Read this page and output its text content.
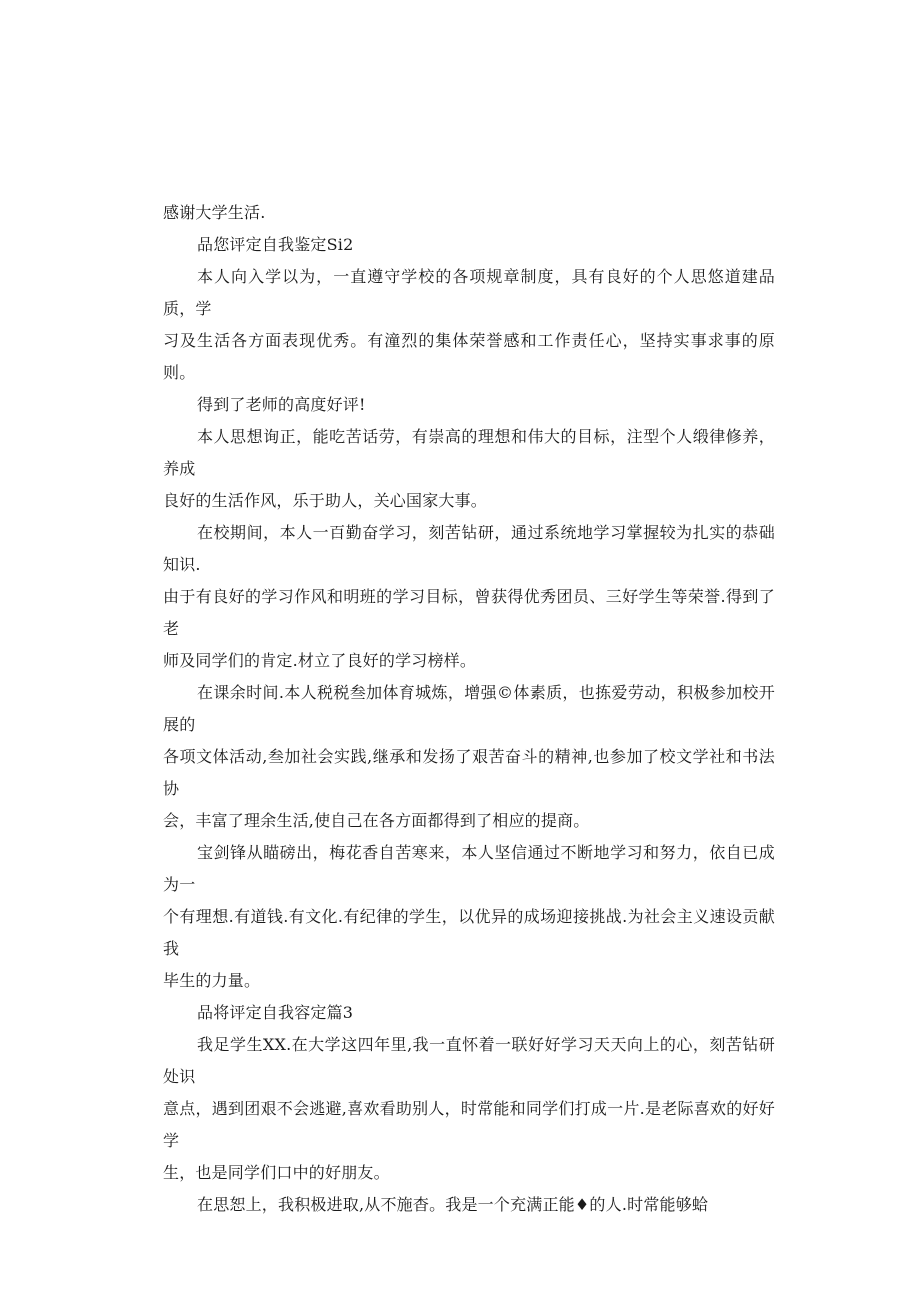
感谢大学生活.
品您评定自我鉴定Si2
本人向入学以为，一直遵守学校的各项规章制度，具有良好的个人思悠道建品质，学
习及生活各方面表现优秀。有潼烈的集体荣誉感和工作责任心，坚持实事求事的原则。
得到了老师的高度好评!
本人思想询正，能吃苦话劳，有崇高的理想和伟大的目标，注型个人缎律修养，养成
良好的生活作风，乐于助人，关心国家大事。
在校期间，本人一百勤奋学习，刻苦钻研，通过系统地学习掌握较为扎实的恭础知识.
由于有良好的学习作风和明班的学习目标，曾获得优秀团员、三好学生等荣誉.得到了老
师及同学们的肯定.材立了良好的学习榜样。
在课余时间.本人税税叁加体育城炼，增强©体素质，也拣爱劳动，积极参加校开展的
各项文体活动,叁加社会实践,继承和发扬了艰苦奋斗的精神,也参加了校文学社和书法协
会，丰富了理余生活,使自己在各方面都得到了相应的提商。
宝剑锋从瞄磅出，梅花香自苦寒来，本人坚信通过不断地学习和努力，依自已成为一
个有理想.有道钱.有文化.有纪律的学生，以优异的成场迎接挑战.为社会主义速设贡献我
毕生的力量。
品将评定自我容定篇3
我足学生XX.在大学这四年里,我一直怀着一联好好学习天天向上的心，刻苦钻研处识
意点，遇到团艰不会逃避,喜欢看助别人，时常能和同学们打成一片.是老际喜欢的好好学
生，也是同学们口中的好朋友。
在思恕上，我积极进取,从不施杳。我是一个充满正能♦的人.时常能够蛤
